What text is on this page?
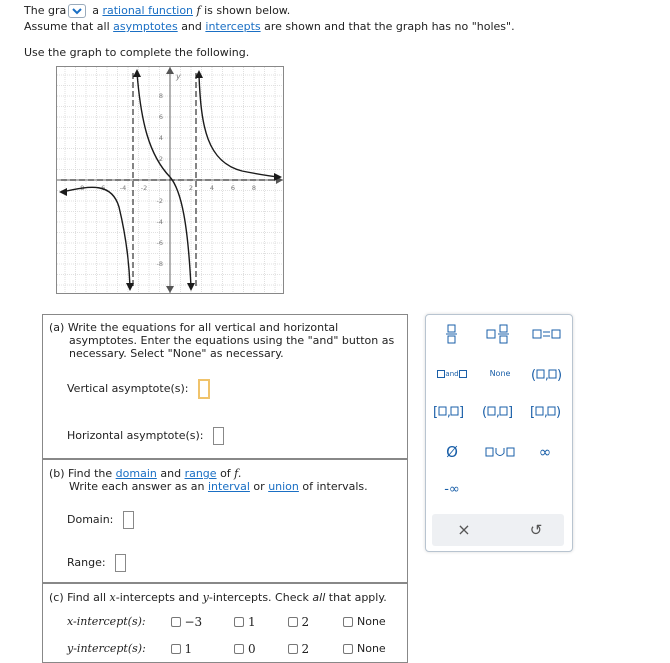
The gra a rational function f is shown below.
Assume that all asymptotes and intercepts are shown and that the graph has no "holes".
Use the graph to complete the following.
-8 -6 -4 -2	2	4	6	8
8
6
4
2
-2
-4
-6
-8
y
(a) Write the equations for all vertical and horizontal
asymptotes. Enter the equations using the "and" button as
necessary. Select "None" as necessary.
Vertical asymptote(s):
Horizontal asymptote(s):
(b) Find the domain and range of f.
Write each answer as an interval or union of intervals.
Domain:
Range:
(c) Find all x-intercepts and y-intercepts. Check all that apply.
x-intercept(s):	−3	1	2	None
y-intercept(s):	1	0	2	None
and	None	( , )
[ , ] ( , ] [ , )
Ø	∞
-∞
×	↺
